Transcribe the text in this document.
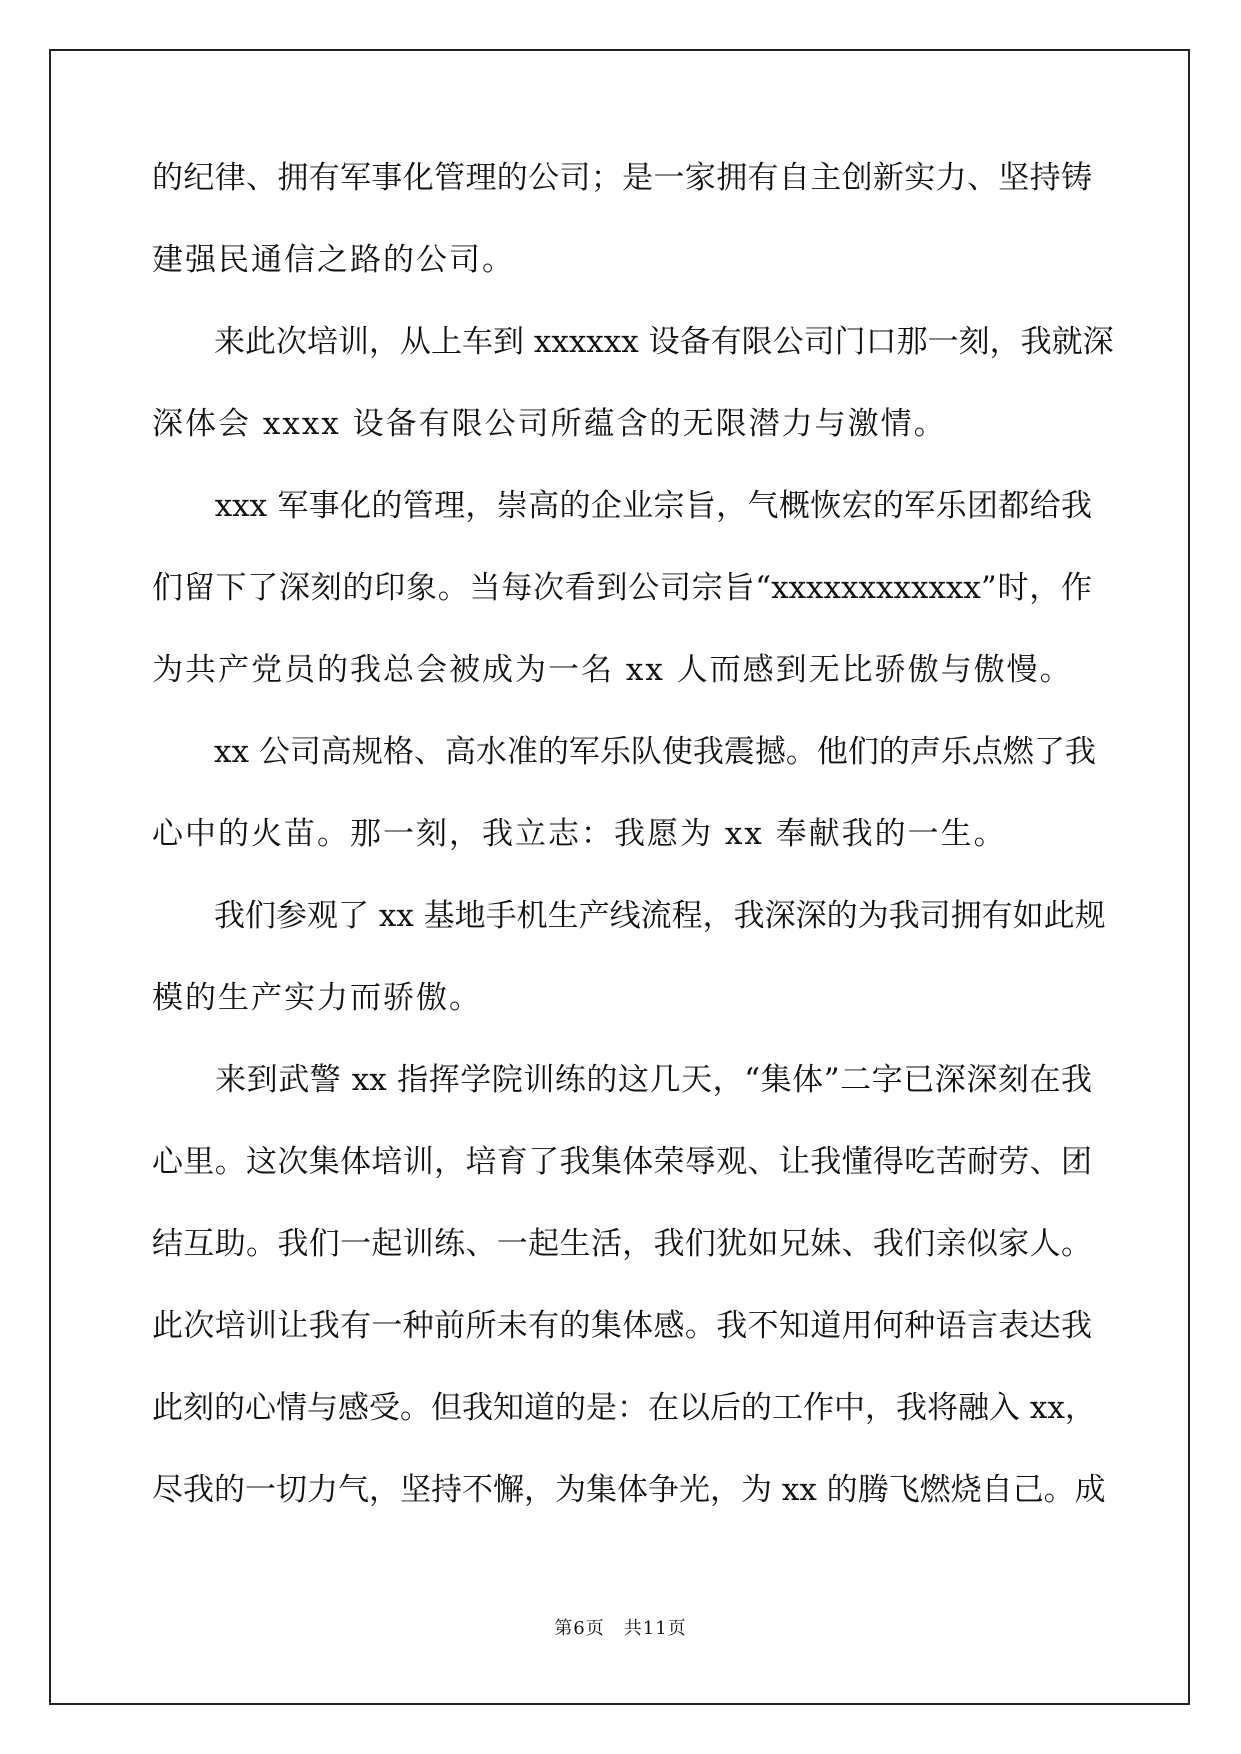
的纪律、拥有军事化管理的公司；是一家拥有自主创新实力、坚持铸
建强民通信之路的公司。
　　来此次培训，从上车到 xxxxxx 设备有限公司门口那一刻，我就深
深体会 xxxx 设备有限公司所蕴含的无限潜力与激情。
　　xxx 军事化的管理，崇高的企业宗旨，气概恢宏的军乐团都给我
们留下了深刻的印象。当每次看到公司宗旨“xxxxxxxxxxxx”时，作
为共产党员的我总会被成为一名 xx 人而感到无比骄傲与傲慢。
　　xx 公司高规格、高水准的军乐队使我震撼。他们的声乐点燃了我
心中的火苗。那一刻，我立志：我愿为 xx 奉献我的一生。
　　我们参观了 xx 基地手机生产线流程，我深深的为我司拥有如此规
模的生产实力而骄傲。
　　来到武警 xx 指挥学院训练的这几天，“集体”二字已深深刻在我
心里。这次集体培训，培育了我集体荣辱观、让我懂得吃苦耐劳、团
结互助。我们一起训练、一起生活，我们犹如兄妹、我们亲似家人。
此次培训让我有一种前所未有的集体感。我不知道用何种语言表达我
此刻的心情与感受。但我知道的是：在以后的工作中，我将融入 xx，
尽我的一切力气，坚持不懈，为集体争光，为 xx 的腾飞燃烧自己。成
第6页　共11页
